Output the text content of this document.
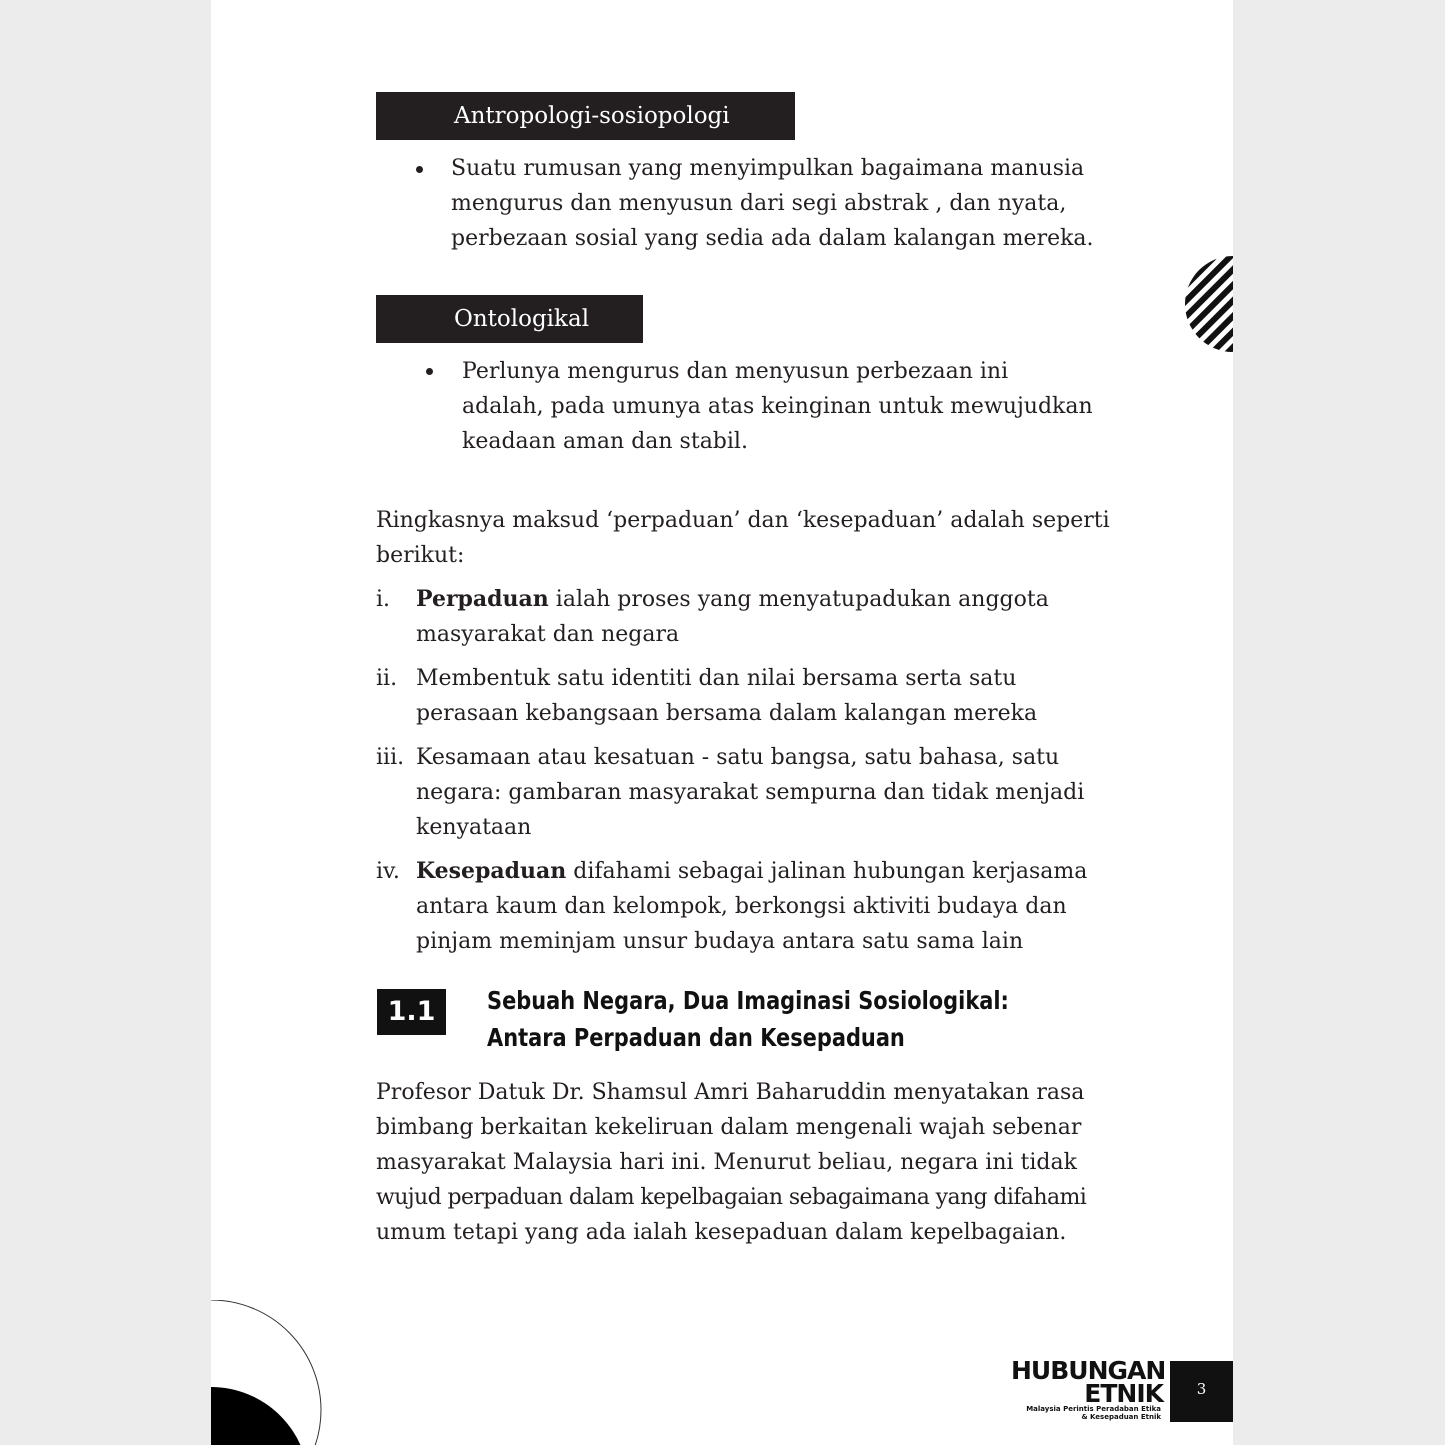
Antropologi-sosiopologi
Suatu rumusan yang menyimpulkan bagaimana manusia
mengurus dan menyusun dari segi abstrak , dan nyata,
perbezaan sosial yang sedia ada dalam kalangan mereka.
Ontologikal
Perlunya mengurus dan menyusun perbezaan ini
adalah, pada umunya atas keinginan untuk mewujudkan
keadaan aman dan stabil.
Ringkasnya maksud ‘perpaduan’ dan ‘kesepaduan’ adalah seperti
berikut:
i. Perpaduan ialah proses yang menyatupadukan anggota
masyarakat dan negara
ii. Membentuk satu identiti dan nilai bersama serta satu
perasaan kebangsaan bersama dalam kalangan mereka
iii. Kesamaan atau kesatuan - satu bangsa, satu bahasa, satu
negara: gambaran masyarakat sempurna dan tidak menjadi
kenyataan
iv. Kesepaduan difahami sebagai jalinan hubungan kerjasama
antara kaum dan kelompok, berkongsi aktiviti budaya dan
pinjam meminjam unsur budaya antara satu sama lain
1.1	Sebuah Negara, Dua Imaginasi Sosiologikal:
Antara Perpaduan dan Kesepaduan
Profesor Datuk Dr. Shamsul Amri Baharuddin menyatakan rasa
bimbang berkaitan kekeliruan dalam mengenali wajah sebenar
masyarakat Malaysia hari ini. Menurut beliau, negara ini tidak
wujud perpaduan dalam kepelbagaian sebagaimana yang difahami
umum tetapi yang ada ialah kesepaduan dalam kepelbagaian.
HUBUNGAN
ETNIK
Malaysia Perintis Peradaban Etika
& Kesepaduan Etnik
3
